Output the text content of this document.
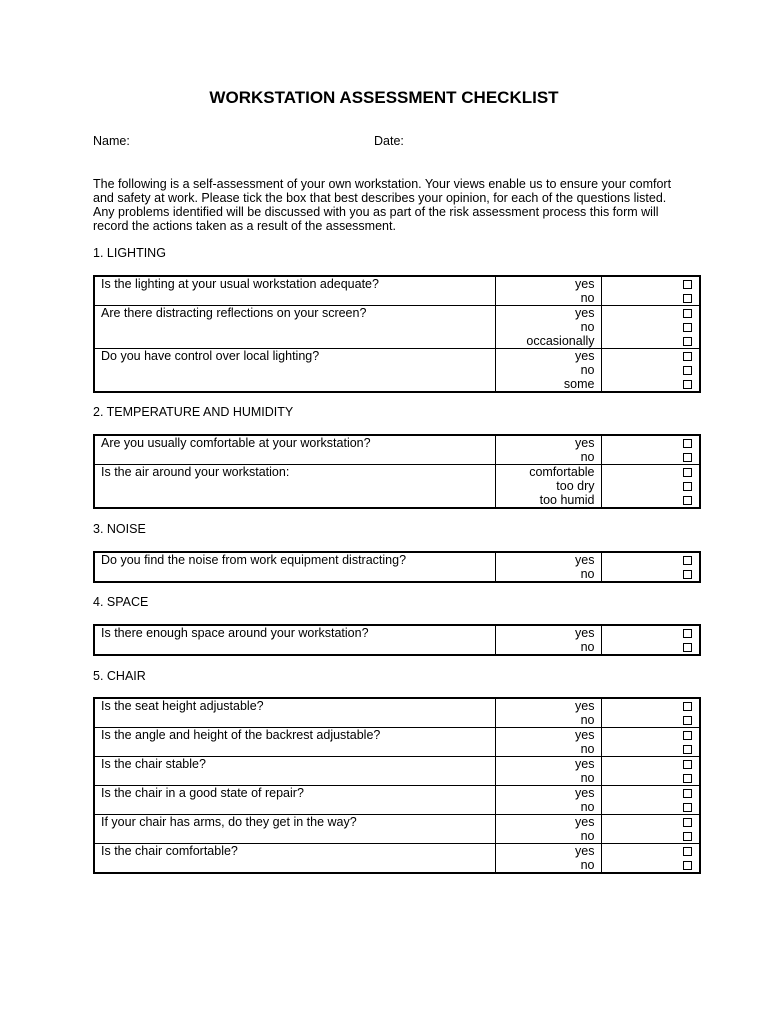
WORKSTATION ASSESSMENT CHECKLIST
Name:	Date:

The following is a self-assessment of your own workstation. Your views enable us to ensure your comfort and safety at work. Please tick the box that best describes your opinion, for each of the questions listed. Any problems identified will be discussed with you as part of the risk assessment process this form will record the actions taken as a result of the assessment.

1. LIGHTING
Is the lighting at your usual workstation adequate?	yes
no	

Are there distracting reflections on your screen?	yes
no
occasionally	

Do you have control over local lighting?	yes
no
some	

2. TEMPERATURE AND HUMIDITY
Are you usually comfortable at your workstation?	yes
no	

Is the air around your workstation:	comfortable
too dry
too humid	

3. NOISE
Do you find the noise from work equipment distracting?	yes
no

4. SPACE
Is there enough space around your workstation?	yes
no

5. CHAIR
Is the seat height adjustable?	yes
no	

Is the angle and height of the backrest adjustable?	yes
no	

Is the chair stable?	yes
no	

Is the chair in a good state of repair?	yes
no	

If your chair has arms, do they get in the way?	yes
no	

Is the chair comfortable?	yes
no	
